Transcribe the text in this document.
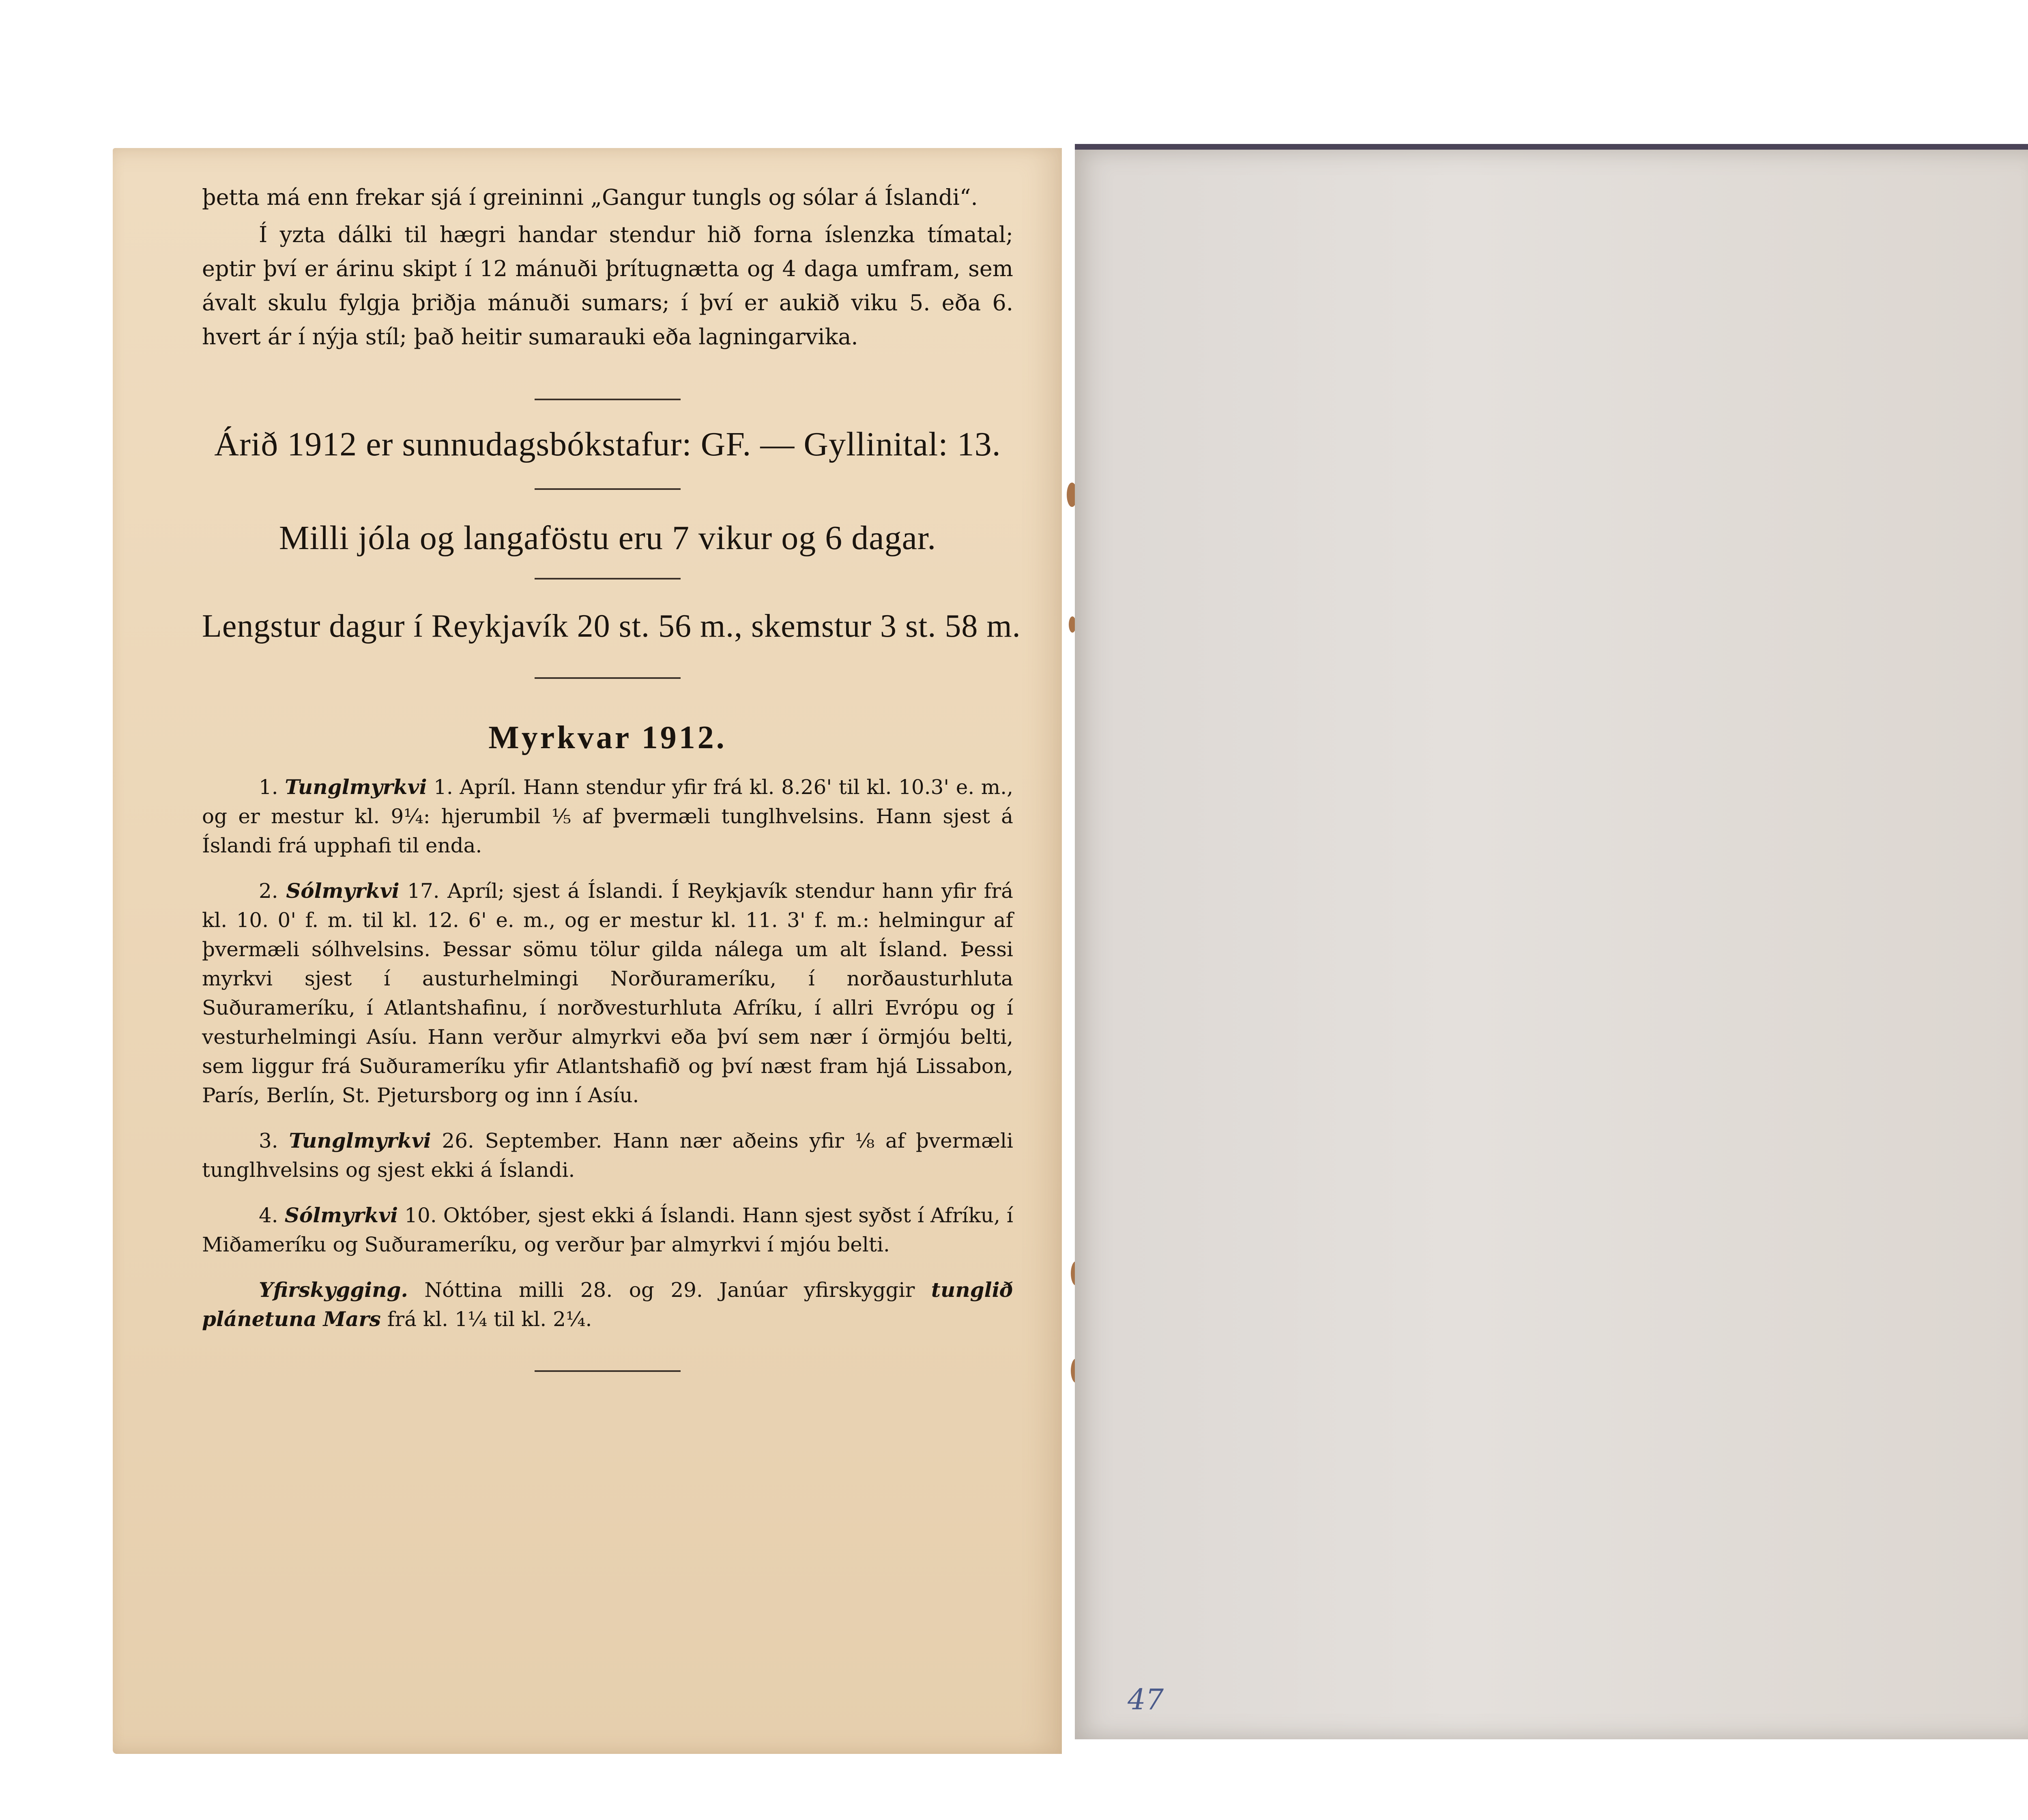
þetta má enn frekar sjá í greininni „Gangur tungls og sólar á Íslandi“.

Í yzta dálki til hægri handar stendur hið forna íslenzka tímatal; eptir því er árinu skipt í 12 mánuði þrítugnætta og 4 daga umfram, sem ávalt skulu fylgja þriðja mánuði sumars; í því er aukið viku 5. eða 6. hvert ár í nýja stíl; það heitir sumarauki eða lagningarvika.

Árið 1912 er sunnudagsbókstafur: GF. — Gyllinital: 13.
Milli jóla og langaföstu eru 7 vikur og 6 dagar.
Lengstur dagur í Reykjavík 20 st. 56 m., skemstur 3 st. 58 m.
Myrkvar 1912.

1. Tunglmyrkvi 1. Apríl. Hann stendur yfir frá kl. 8.26' til kl. 10.3' e. m., og er mestur kl. 9¼: hjerumbil ⅕ af þvermæli tunglhvelsins. Hann sjest á Íslandi frá upphafi til enda.

2. Sólmyrkvi 17. Apríl; sjest á Íslandi. Í Reykjavík stendur hann yfir frá kl. 10. 0' f. m. til kl. 12. 6' e. m., og er mestur kl. 11. 3' f. m.: helmingur af þvermæli sólhvelsins. Þessar sömu tölur gilda nálega um alt Ísland. Þessi myrkvi sjest í austurhelmingi Norðurameríku, í norðausturhluta Suðurameríku, í Atlantshafinu, í norðvesturhluta Afríku, í allri Evrópu og í vesturhelmingi Asíu. Hann verður almyrkvi eða því sem nær í örmjóu belti, sem liggur frá Suðurameríku yfir Atlantshafið og því næst fram hjá Lissabon, París, Berlín, St. Pjetursborg og inn í Asíu.

3. Tunglmyrkvi 26. September. Hann nær aðeins yfir ⅛ af þvermæli tunglhvelsins og sjest ekki á Íslandi.

4. Sólmyrkvi 10. Október, sjest ekki á Íslandi. Hann sjest syðst í Afríku, í Miðameríku og Suðurameríku, og verður þar almyrkvi í mjóu belti.

Yfirskygging. Nóttina milli 28. og 29. Janúar yfirskyggir tunglið plánetuna Mars frá kl. 1¼ til kl. 2¼.

47
